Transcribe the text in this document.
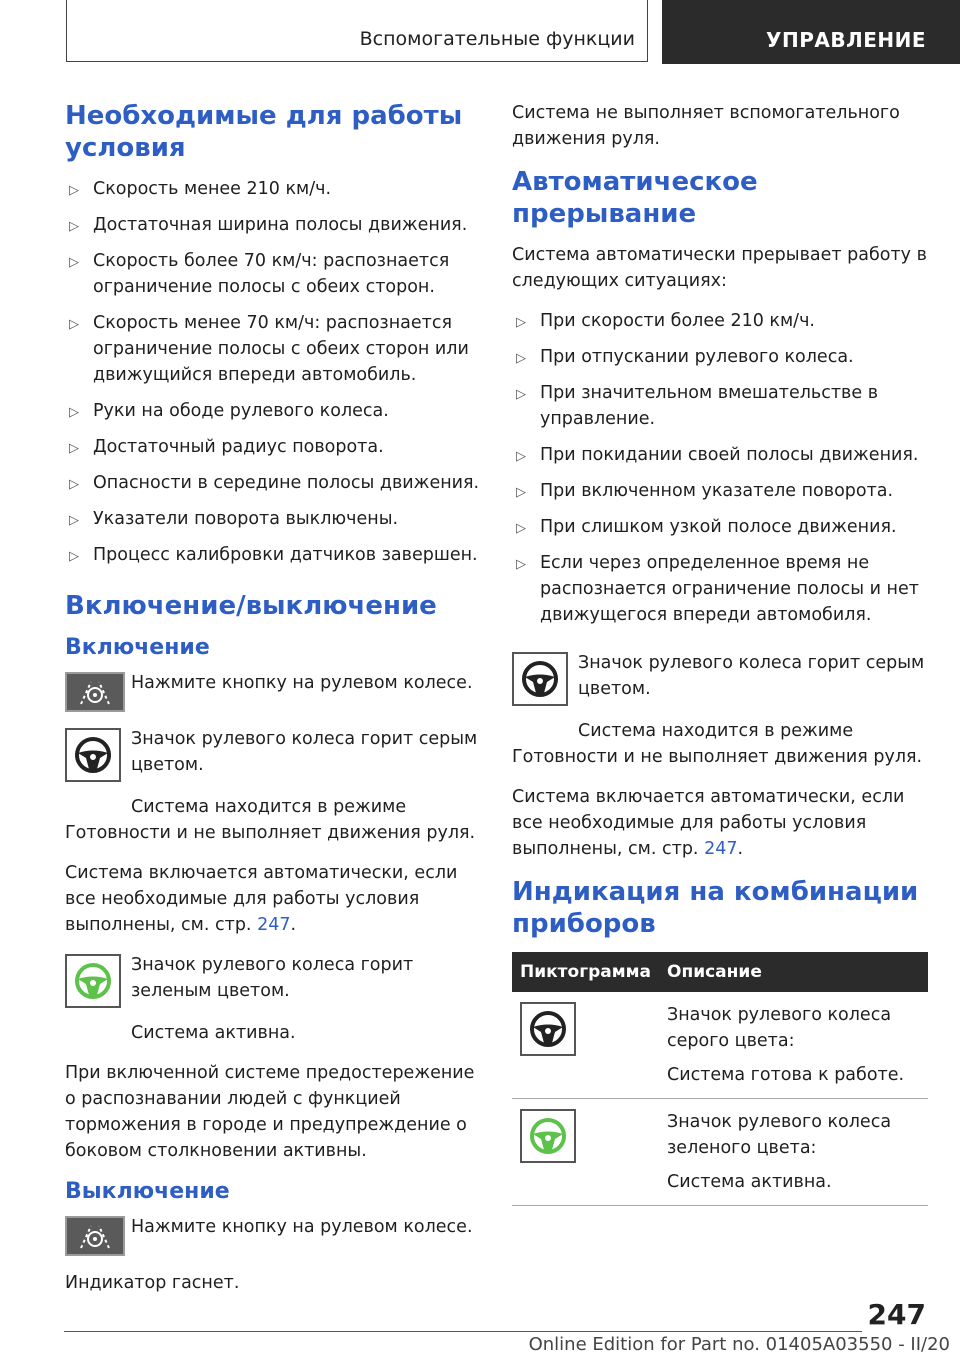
Вспомогательные функции	УПРАВЛЕНИЕ
Необходимые для работы условия
▷ Скорость менее 210 км/ч.
▷ Достаточная ширина полосы движения.
▷ Скорость более 70 км/ч: распознается ограничение полосы с обеих сторон.
▷ Скорость менее 70 км/ч: распознается ограничение полосы с обеих сторон или движущийся впереди автомобиль.
▷ Руки на ободе рулевого колеса.
▷ Достаточный радиус поворота.
▷ Опасности в середине полосы движения.
▷ Указатели поворота выключены.
▷ Процесс калибровки датчиков завершен.
Включение/выключение
Включение

Нажмите кнопку на рулевом колесе.

Значок рулевого колеса горит серым цветом.

Система находится в режиме Готовности и не выполняет движения руля.

Система включается автоматически, если все необходимые для работы условия выполнены, см. стр. 247.

Значок рулевого колеса горит зеленым цветом.

Система активна.

При включенной системе предостережение о распознавании людей с функцией торможения в городе и предупреждение о боковом столкновении активны.

Выключение

Нажмите кнопку на рулевом колесе.

Индикатор гаснет.

Система не выполняет вспомогательного движения руля.

Автоматическое прерывание

Система автоматически прерывает работу в следующих ситуациях:

▷ При скорости более 210 км/ч.
▷ При отпускании рулевого колеса.
▷ При значительном вмешательстве в управление.
▷ При покидании своей полосы движения.
▷ При включенном указателе поворота.
▷ При слишком узкой полосе движения.
▷ Если через определенное время не распознается ограничение полосы и нет движущегося впереди автомобиля.

Значок рулевого колеса горит серым цветом.

Система находится в режиме Готовности и не выполняет движения руля.

Система включается автоматически, если все необходимые для работы условия выполнены, см. стр. 247.

Индикация на комбинации приборов
Пиктограмма	Описание

Значок рулевого колеса серого цвета:

Система готова к работе.

Значок рулевого колеса зеленого цвета:

Система активна.

247
Online Edition for Part no. 01405A03550 - II/20
